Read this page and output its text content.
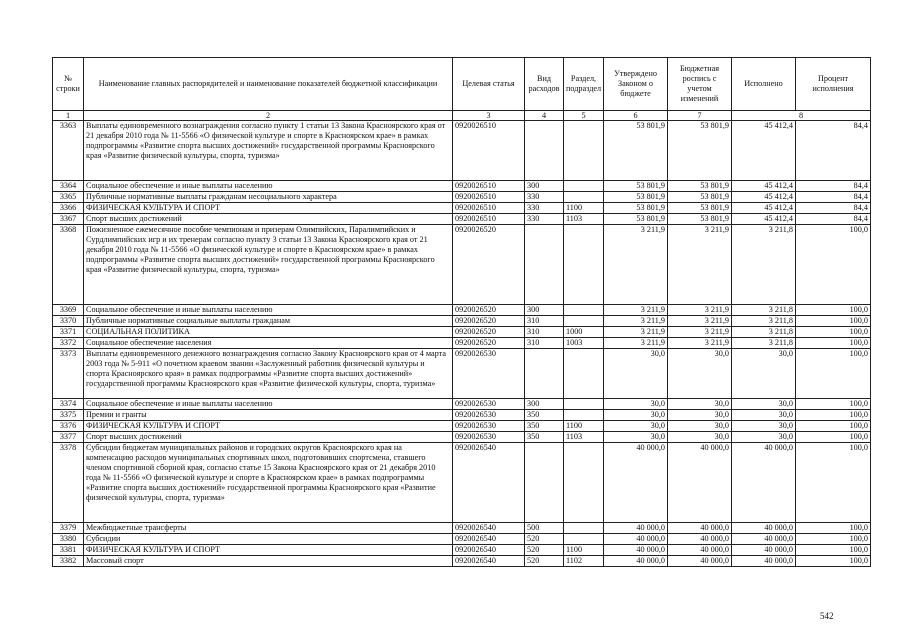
№ строки	Наименование главных распорядителей и наименование показателей бюджетной классификации	Целевая статья	Вид расходов	Раздел, подраздел	Утверждено Законом о бюджете	Бюджетная роспись с учетом изменений	Исполнено	Процент исполнения
1	2	3	4	5	6	7	8	
3363	Выплаты единовременного вознаграждения согласно пункту 1 статьи 13 Закона Красноярского края от 21 декабря 2010 года № 11-5566 «О физической культуре и спорте в Красноярском крае» в рамках подпрограммы «Развитие спорта высших достижений» государственной программы Красноярского края «Развитие физической культуры, спорта, туризма»	0920026510			53 801,9	53 801,9	45 412,4	84,4
3364	Социальное обеспечение и иные выплаты населению	0920026510	300		53 801,9	53 801,9	45 412,4	84,4
3365	Публичные нормативные выплаты гражданам несоциального характера	0920026510	330		53 801,9	53 801,9	45 412,4	84,4
3366	ФИЗИЧЕСКАЯ КУЛЬТУРА И СПОРТ	0920026510	330	1100	53 801,9	53 801,9	45 412,4	84,4
3367	Спорт высших достижений	0920026510	330	1103	53 801,9	53 801,9	45 412,4	84,4
3368	Пожизненное ежемесячное пособие чемпионам и призерам Олимпийских, Паралимпийских и Сурдлимпийских игр и их тренерам согласно пункту 3 статьи 13 Закона Красноярского края от 21 декабря 2010 года № 11-5566 «О физической культуре и спорте в Красноярском крае» в рамках подпрограммы «Развитие спорта высших достижений» государственной программы Красноярского края «Развитие физической культуры, спорта, туризма»	0920026520			3 211,9	3 211,9	3 211,8	100,0
3369	Социальное обеспечение и иные выплаты населению	0920026520	300		3 211,9	3 211,9	3 211,8	100,0
3370	Публичные нормативные социальные выплаты гражданам	0920026520	310		3 211,9	3 211,9	3 211,8	100,0
3371	СОЦИАЛЬНАЯ ПОЛИТИКА	0920026520	310	1000	3 211,9	3 211,9	3 211,8	100,0
3372	Социальное обеспечение населения	0920026520	310	1003	3 211,9	3 211,9	3 211,8	100,0
3373	Выплаты единовременного денежного вознаграждения согласно Закону Красноярского края от 4 марта 2003 года № 5-911 «О почетном краевом звании «Заслуженный работник физической культуры и спорта Красноярского края» в рамках подпрограммы «Развитие спорта высших достижений» государственной программы Красноярского края «Развитие физической культуры, спорта, туризма»	0920026530			30,0	30,0	30,0	100,0
3374	Социальное обеспечение и иные выплаты населению	0920026530	300		30,0	30,0	30,0	100,0
3375	Премии и гранты	0920026530	350		30,0	30,0	30,0	100,0
3376	ФИЗИЧЕСКАЯ КУЛЬТУРА И СПОРТ	0920026530	350	1100	30,0	30,0	30,0	100,0
3377	Спорт высших достижений	0920026530	350	1103	30,0	30,0	30,0	100,0
3378	Субсидии бюджетам муниципальных районов и городских округов Красноярского края на компенсацию расходов муниципальных спортивных школ, подготовивших спортсмена, ставшего членом спортивной сборной края, согласно статье 15 Закона Красноярского края от 21 декабря 2010 года № 11-5566 «О физической культуре и спорте в Красноярском крае» в рамках подпрограммы «Развитие спорта высших достижений» государственной программы Красноярского края «Развитие физической культуры, спорта, туризма»	0920026540			40 000,0	40 000,0	40 000,0	100,0
3379	Межбюджетные трансферты	0920026540	500		40 000,0	40 000,0	40 000,0	100,0
3380	Субсидии	0920026540	520		40 000,0	40 000,0	40 000,0	100,0
3381	ФИЗИЧЕСКАЯ КУЛЬТУРА И СПОРТ	0920026540	520	1100	40 000,0	40 000,0	40 000,0	100,0
3382	Массовый спорт	0920026540	520	1102	40 000,0	40 000,0	40 000,0	100,0
542
